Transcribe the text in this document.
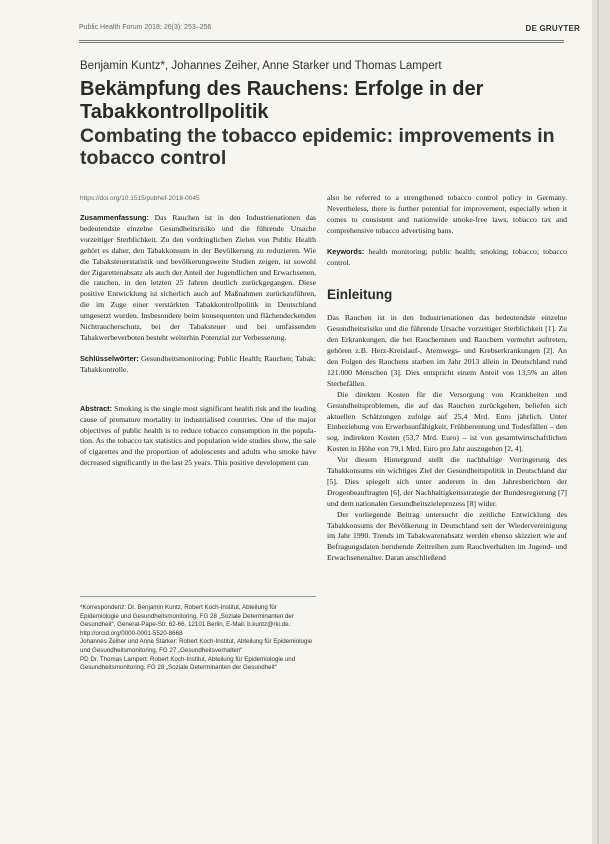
Public Health Forum 2018; 26(3): 253–256	DE GRUYTER
Benjamin Kuntz*, Johannes Zeiher, Anne Starker und Thomas Lampert
Bekämpfung des Rauchens: Erfolge in der Tabakkontrollpolitik
Combating the tobacco epidemic: improvements in tobacco control
https://doi.org/10.1515/pubhef-2018-0045

Zusammenfassung: Das Rauchen ist in den Industrienationen das bedeutendste einzelne Gesundheitsrisiko und die führende Ursache vorzeitiger Sterblichkeit. Zu den vordringlichen Zielen von Public Health gehört es daher, den Tabakkonsum in der Bevölkerung zu reduzieren. Wie die Tabaksteuerstatistik und bevölkerungsweite Studien zeigen, ist sowohl der Zigarettenabsatz als auch der Anteil der Jugendlichen und Erwachsenen, die rauchen, in den letzten 25 Jahren deutlich zurückgegangen. Diese positive Entwicklung ist sicherlich auch auf Maßnahmen zurückzuführen, die im Zuge einer verstärkten Tabakkontrollpolitik in Deutschland umgesetzt wurden. Insbesondere beim konsequenten und flächendeckenden Nichtraucherschutz, bei der Tabaksteuer und bei umfassenden Tabakwerbeverboten besteht weiterhin Potenzial zur Verbesserung.

Schlüsselwörter: Gesundheitsmonitoring; Public Health; Rauchen; Tabak; Tabakkontrolle.

Abstract: Smoking is the single most significant health risk and the leading cause of premature mortality in industrialised countries. One of the major objectives of public health is to reduce tobacco consumption in the population. As the tobacco tax statistics and population wide studies show, the sale of cigarettes and the proportion of adolescents and adults who smoke have decreased significantly in the last 25 years. This positive development can

*Korrespondenz: Dr. Benjamin Kuntz, Robert Koch-Institut, Abteilung für Epidemiologie und Gesundheitsmonitoring, FG 28 „Soziale Determinanten der Gesundheit“, General-Pape-Str. 62-66, 12101 Berlin, E-Mail: b.kuntz@rki.de. http://orcid.org/0000-0001-5520-8668

Johannes Zeiher und Anne Starker: Robert Koch-Institut, Abteilung für Epidemiologie und Gesundheitsmonitoring, FG 27 „Gesundheitsverhalten“

PD Dr. Thomas Lampert: Robert Koch-Institut, Abteilung für Epidemiologie und Gesundheitsmonitoring, FG 28 „Soziale Determinanten der Gesundheit“

also be referred to a strengthened tobacco control policy in Germany. Nevertheless, there is further potential for improvement, especially when it comes to consistent and nationwide smoke-free laws, tobacco tax and comprehensive tobacco advertising bans.

Keywords: health monitoring; public health; smoking; tobacco; tobacco control.

Einleitung

Das Rauchen ist in den Industrienationen das bedeutendste einzelne Gesundheitsrisiko und die führende Ursache vorzeitiger Sterblichkeit [1]. Zu den Erkrankungen, die bei Rauchernnen und Rauchern vermehrt auftreten, gehören z.B. Herz-Kreislauf-, Atemwegs- und Krebserkrankungen [2]. An den Folgen des Rauchens starben im Jahr 2013 allein in Deutschland rund 121.000 Menschen [3]. Dies entspricht einem Anteil von 13,5% an allen Sterbefällen.

Die direkten Kosten für die Versorgung von Krankheiten und Gesundheitsproblemen, die auf das Rauchen zurückgehen, beliefen sich aktuellen Schätzungen zufolge auf 25,4 Mrd. Euro jährlich. Unter Einbeziehung von Erwerbsunfähigkeit, Frühberentung und Todesfällen – den sog. indirekten Kosten (53,7 Mrd. Euro) – ist von gesamtwirtschaftlichen Kosten in Höhe von 79,1 Mrd. Euro pro Jahr auszugehen [2, 4].

Vor diesem Hintergrund stellt die nachhaltige Verringerung des Tabakkonsums ein wichtiges Ziel der Gesundheitspolitik in Deutschland dar [5]. Dies spiegelt sich unter anderem in den Jahresberichten der Drogenbeauftragten [6], der Nachhaltigkeitsstrategie der Bundesregierung [7] und dem nationalen Gesundheitszieleprozess [8] wider.

Der vorliegende Beitrag untersucht die zeitliche Entwicklung des Tabakkonsums der Bevölkerung in Deutschland seit der Wiedervereinigung im Jahr 1990. Trends im Tabakwarenabsatz werden ebenso skizziert wie auf Befragungsdaten beruhende Zeitreihen zum Rauchverhalten im Jugend- und Erwachsenenalter. Daran anschließend
